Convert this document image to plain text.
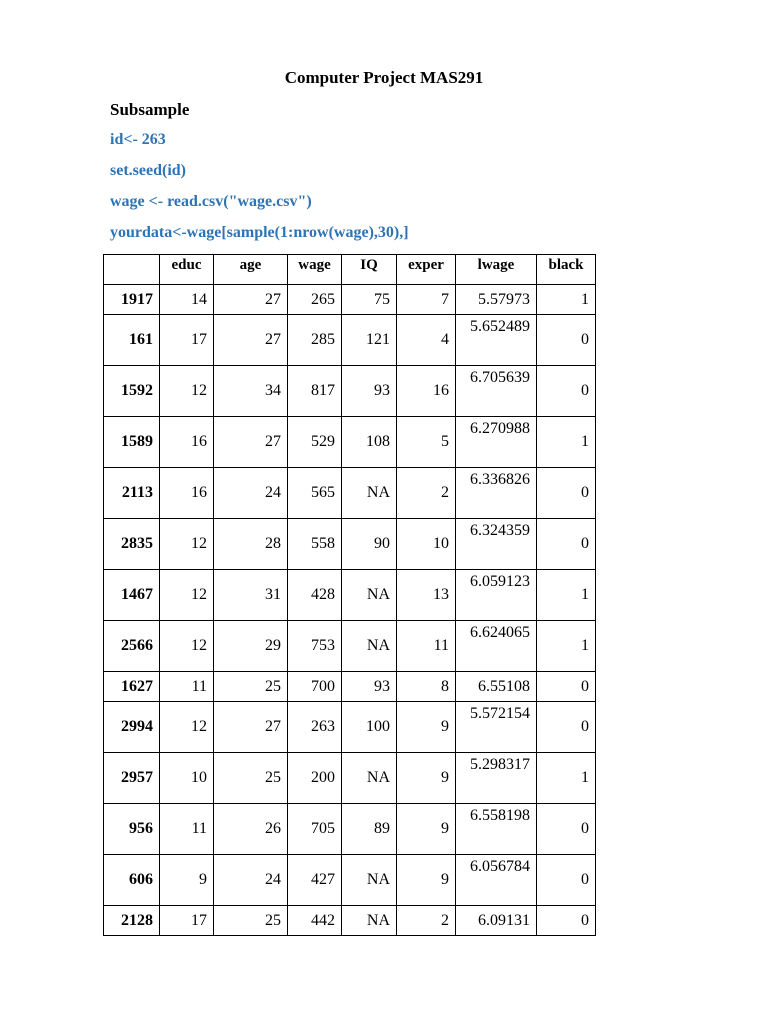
Computer Project MAS291
Subsample
id<- 263
set.seed(id)
wage <- read.csv("wage.csv")
yourdata<-wage[sample(1:nrow(wage),30),]
	educ	age	wage	IQ	exper	lwage	black
1917	14	27	265	75	7	5.57973	1
161	17	27	285	121	4	5.652489	0
1592	12	34	817	93	16	6.705639	0
1589	16	27	529	108	5	6.270988	1
2113	16	24	565	NA	2	6.336826	0
2835	12	28	558	90	10	6.324359	0
1467	12	31	428	NA	13	6.059123	1
2566	12	29	753	NA	11	6.624065	1
1627	11	25	700	93	8	6.55108	0
2994	12	27	263	100	9	5.572154	0
2957	10	25	200	NA	9	5.298317	1
956	11	26	705	89	9	6.558198	0
606	9	24	427	NA	9	6.056784	0
2128	17	25	442	NA	2	6.09131	0
